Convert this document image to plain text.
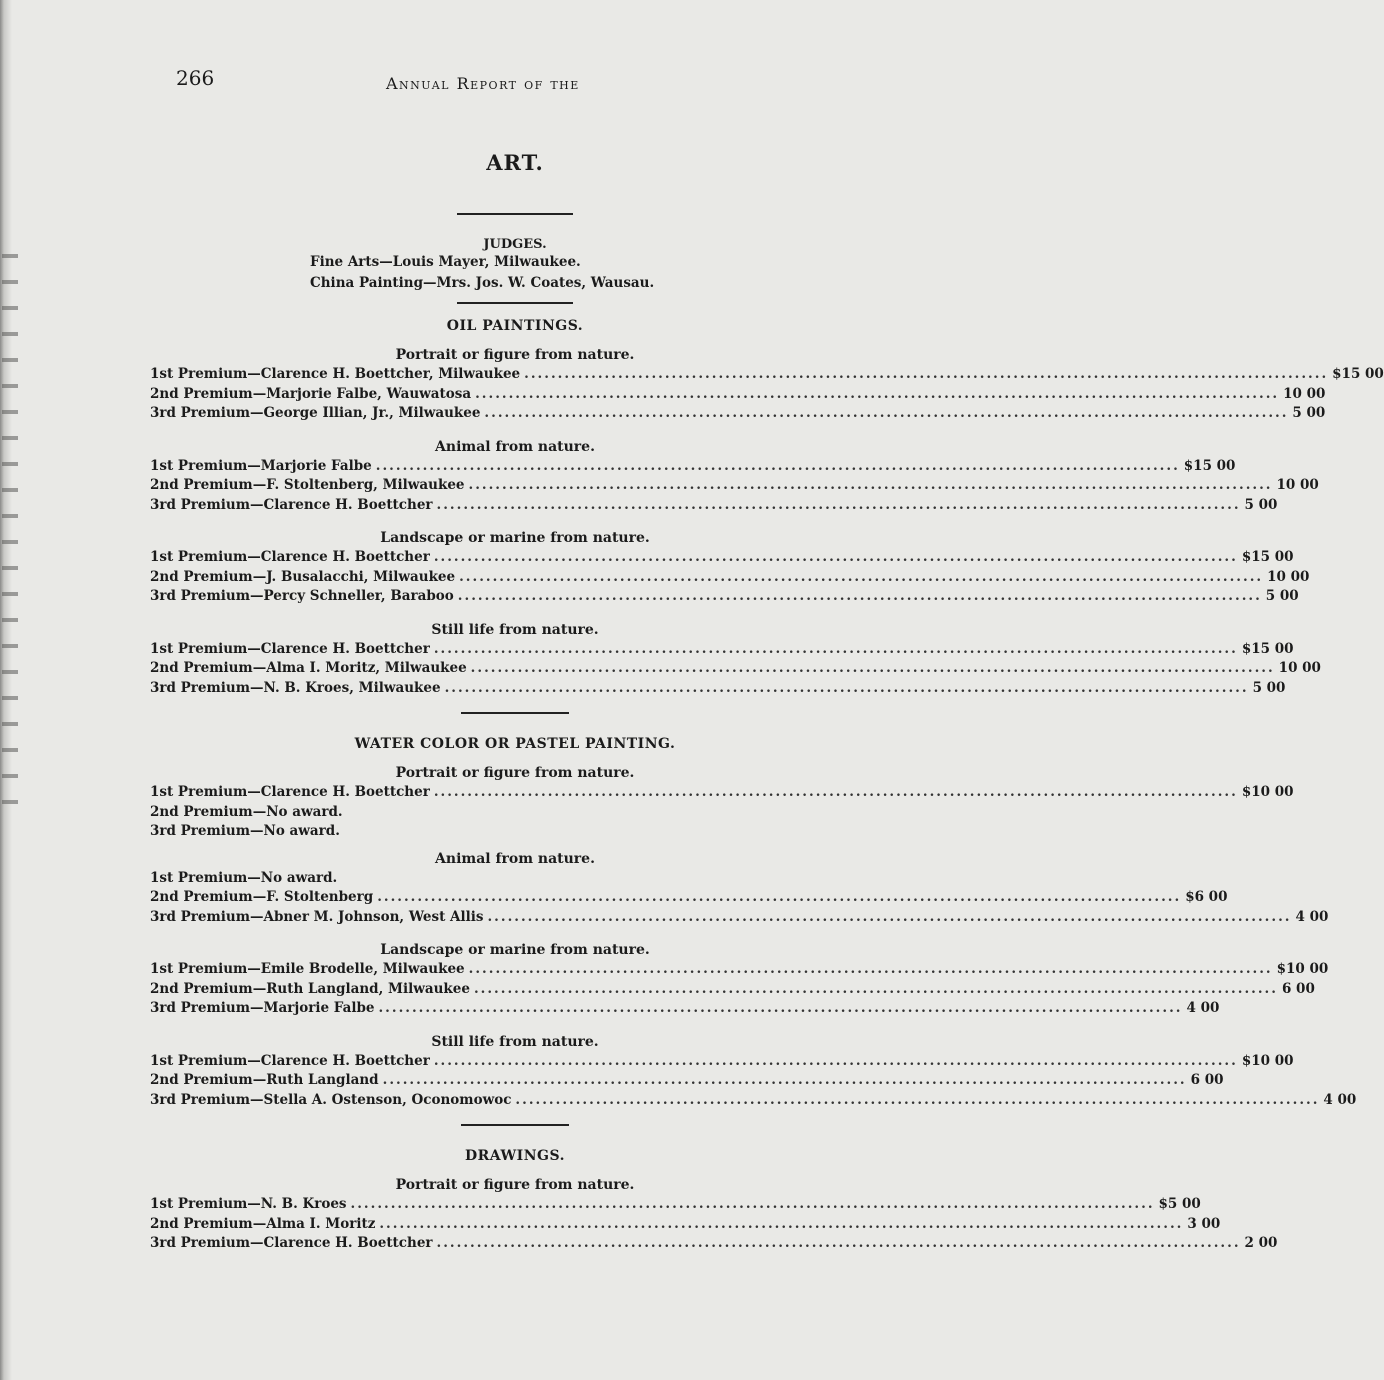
266	Annual Report of the
ART.
JUDGES.
Fine Arts—Louis Mayer, Milwaukee.
China Painting—Mrs. Jos. W. Coates, Wausau.
OIL PAINTINGS.
Portrait or figure from nature.
1st Premium—Clarence H. Boettcher, Milwaukee ........................................................................................................................ $15 00
2nd Premium—Marjorie Falbe, Wauwatosa ........................................................................................................................ 10 00
3rd Premium—George Illian, Jr., Milwaukee ........................................................................................................................ 5 00
Animal from nature.
1st Premium—Marjorie Falbe ........................................................................................................................ $15 00
2nd Premium—F. Stoltenberg, Milwaukee ........................................................................................................................ 10 00
3rd Premium—Clarence H. Boettcher ........................................................................................................................ 5 00
Landscape or marine from nature.
1st Premium—Clarence H. Boettcher ........................................................................................................................ $15 00
2nd Premium—J. Busalacchi, Milwaukee ........................................................................................................................ 10 00
3rd Premium—Percy Schneller, Baraboo ........................................................................................................................ 5 00
Still life from nature.
1st Premium—Clarence H. Boettcher ........................................................................................................................ $15 00
2nd Premium—Alma I. Moritz, Milwaukee ........................................................................................................................ 10 00
3rd Premium—N. B. Kroes, Milwaukee ........................................................................................................................ 5 00
WATER COLOR OR PASTEL PAINTING.
Portrait or figure from nature.
1st Premium—Clarence H. Boettcher ........................................................................................................................ $10 00
2nd Premium—No award.
3rd Premium—No award.
Animal from nature.
1st Premium—No award.
2nd Premium—F. Stoltenberg ........................................................................................................................ $6 00
3rd Premium—Abner M. Johnson, West Allis ........................................................................................................................ 4 00
Landscape or marine from nature.
1st Premium—Emile Brodelle, Milwaukee ........................................................................................................................ $10 00
2nd Premium—Ruth Langland, Milwaukee ........................................................................................................................ 6 00
3rd Premium—Marjorie Falbe ........................................................................................................................ 4 00
Still life from nature.
1st Premium—Clarence H. Boettcher ........................................................................................................................ $10 00
2nd Premium—Ruth Langland ........................................................................................................................ 6 00
3rd Premium—Stella A. Ostenson, Oconomowoc ........................................................................................................................ 4 00
DRAWINGS.
Portrait or figure from nature.
1st Premium—N. B. Kroes ........................................................................................................................ $5 00
2nd Premium—Alma I. Moritz ........................................................................................................................ 3 00
3rd Premium—Clarence H. Boettcher ........................................................................................................................ 2 00
